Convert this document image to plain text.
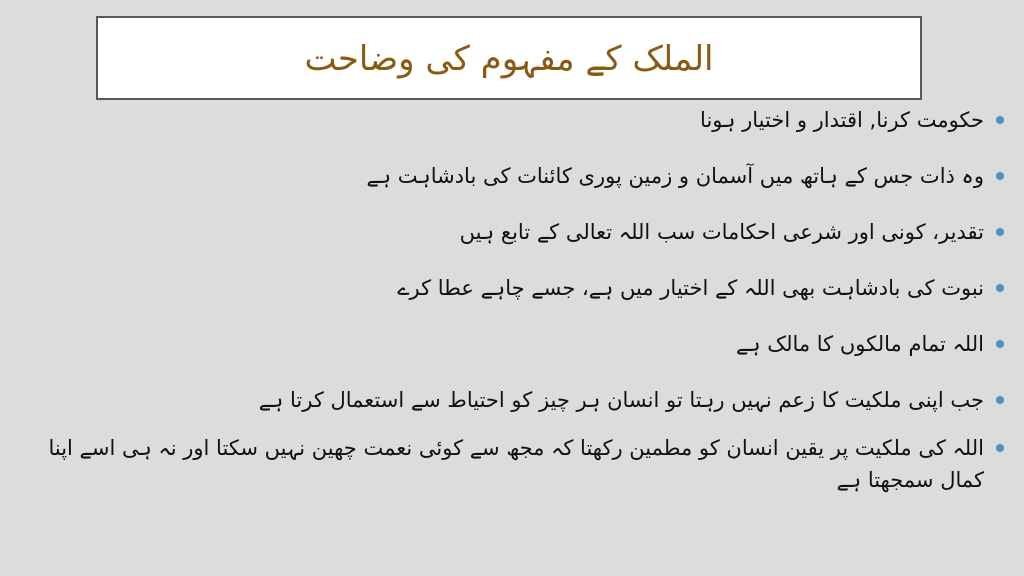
الملک کے مفہوم کی وضاحت
حکومت کرنا, اقتدار و اختیار ہونا
وہ ذات جس کے ہاتھ میں آسمان و زمین پوری کائنات کی بادشاہت ہے
تقدیر، کونی اور شرعی احکامات سب اللہ تعالی کے تابع ہیں
نبوت کی بادشاہت بھی اللہ کے اختیار میں ہے، جسے چاہے عطا کرے
اللہ تمام مالکوں کا مالک ہے
جب اپنی ملکیت کا زعم نہیں رہتا تو انسان ہر چیز کو احتیاط سے استعمال کرتا ہے
اللہ کی ملکیت پر یقین انسان کو مطمین رکھتا کہ مجھ سے کوئی نعمت چھین نہیں سکتا اور نہ ہی اسے اپنا کمال سمجھتا ہے
